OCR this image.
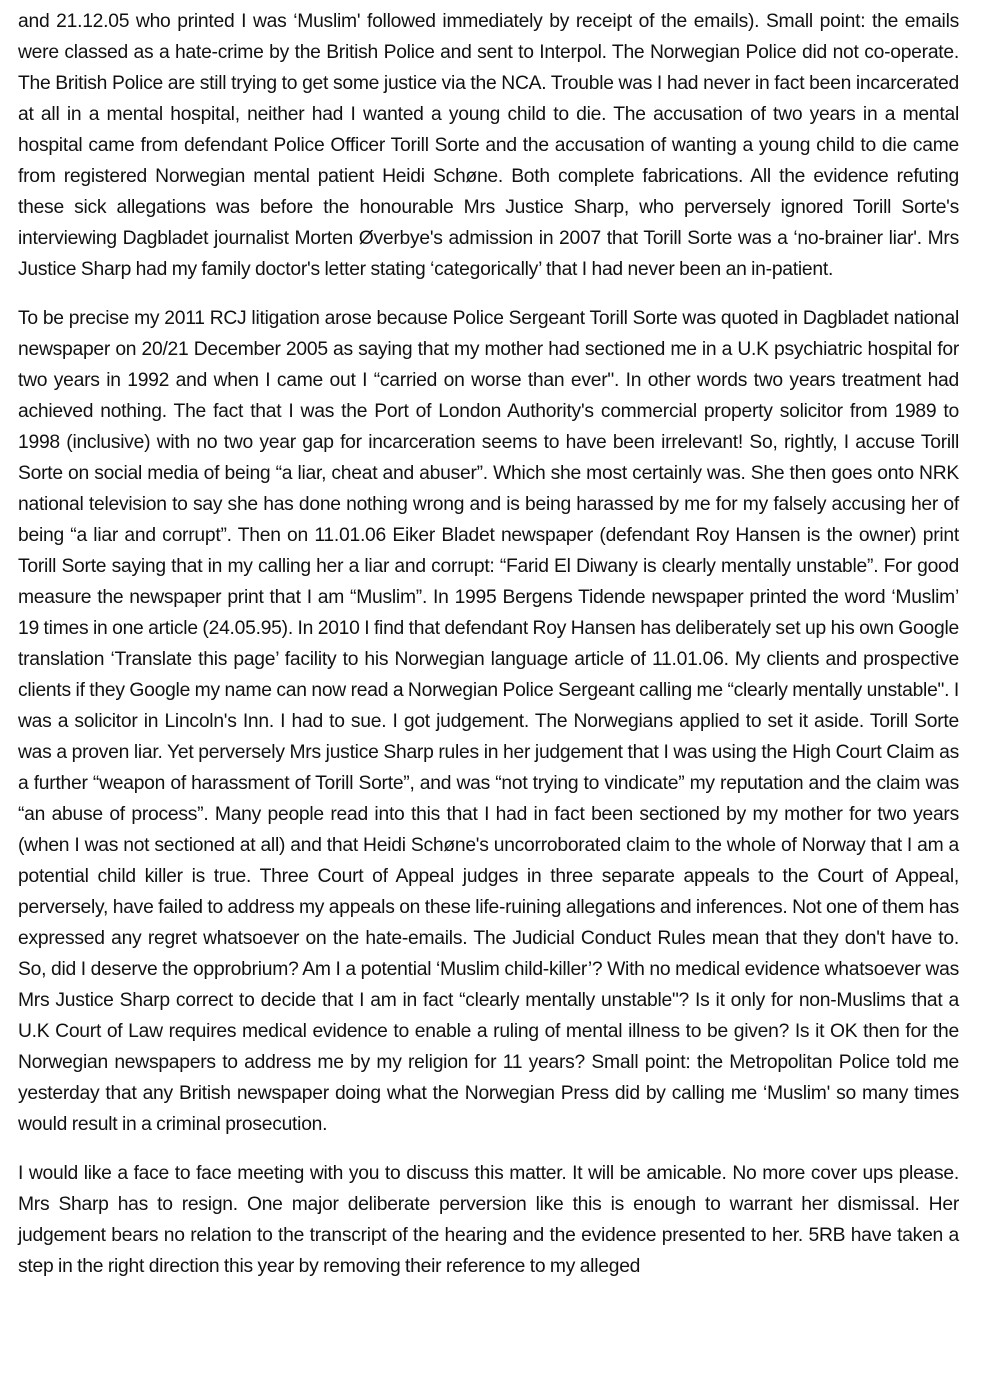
and 21.12.05 who printed I was ‘Muslim' followed immediately by receipt of the emails). Small point: the emails were classed as a hate-crime by the British Police and sent to Interpol. The Norwegian Police did not co-operate. The British Police are still trying to get some justice via the NCA. Trouble was I had never in fact been incarcerated at all in a mental hospital, neither had I wanted a young child to die. The accusation of two years in a mental hospital came from defendant Police Officer Torill Sorte and the accusation of wanting a young child to die came from registered Norwegian mental patient Heidi Schøne. Both complete fabrications. All the evidence refuting these sick allegations was before the honourable Mrs Justice Sharp, who perversely ignored Torill Sorte's interviewing Dagbladet journalist Morten Øverbye's admission in 2007 that Torill Sorte was a ‘no-brainer liar'. Mrs Justice Sharp had my family doctor's letter stating ‘categorically’ that I had never been an in-patient.

To be precise my 2011 RCJ litigation arose because Police Sergeant Torill Sorte was quoted in Dagbladet national newspaper on 20/21 December 2005 as saying that my mother had sectioned me in a U.K psychiatric hospital for two years in 1992 and when I came out I “carried on worse than ever". In other words two years treatment had achieved nothing. The fact that I was the Port of London Authority's commercial property solicitor from 1989 to 1998 (inclusive) with no two year gap for incarceration seems to have been irrelevant! So, rightly, I accuse Torill Sorte on social media of being “a liar, cheat and abuser”. Which she most certainly was. She then goes onto NRK national television to say she has done nothing wrong and is being harassed by me for my falsely accusing her of being “a liar and corrupt”. Then on 11.01.06 Eiker Bladet newspaper (defendant Roy Hansen is the owner) print Torill Sorte saying that in my calling her a liar and corrupt: “Farid El Diwany is clearly mentally unstable”. For good measure the newspaper print that I am “Muslim”. In 1995 Bergens Tidende newspaper printed the word ‘Muslim’ 19 times in one article (24.05.95). In 2010 I find that defendant Roy Hansen has deliberately set up his own Google translation ‘Translate this page’ facility to his Norwegian language article of 11.01.06. My clients and prospective clients if they Google my name can now read a Norwegian Police Sergeant calling me “clearly mentally unstable". I was a solicitor in Lincoln's Inn. I had to sue. I got judgement. The Norwegians applied to set it aside. Torill Sorte was a proven liar. Yet perversely Mrs justice Sharp rules in her judgement that I was using the High Court Claim as a further “weapon of harassment of Torill Sorte”, and was “not trying to vindicate” my reputation and the claim was “an abuse of process”. Many people read into this that I had in fact been sectioned by my mother for two years (when I was not sectioned at all) and that Heidi Schøne's uncorroborated claim to the whole of Norway that I am a potential child killer is true. Three Court of Appeal judges in three separate appeals to the Court of Appeal, perversely, have failed to address my appeals on these life-ruining allegations and inferences. Not one of them has expressed any regret whatsoever on the hate-emails. The Judicial Conduct Rules mean that they don't have to. So, did I deserve the opprobrium? Am I a potential ‘Muslim child-killer’? With no medical evidence whatsoever was Mrs Justice Sharp correct to decide that I am in fact “clearly mentally unstable"? Is it only for non-Muslims that a U.K Court of Law requires medical evidence to enable a ruling of mental illness to be given? Is it OK then for the Norwegian newspapers to address me by my religion for 11 years? Small point: the Metropolitan Police told me yesterday that any British newspaper doing what the Norwegian Press did by calling me ‘Muslim' so many times would result in a criminal prosecution.

I would like a face to face meeting with you to discuss this matter. It will be amicable. No more cover ups please. Mrs Sharp has to resign. One major deliberate perversion like this is enough to warrant her dismissal. Her judgement bears no relation to the transcript of the hearing and the evidence presented to her. 5RB have taken a step in the right direction this year by removing their reference to my alleged
